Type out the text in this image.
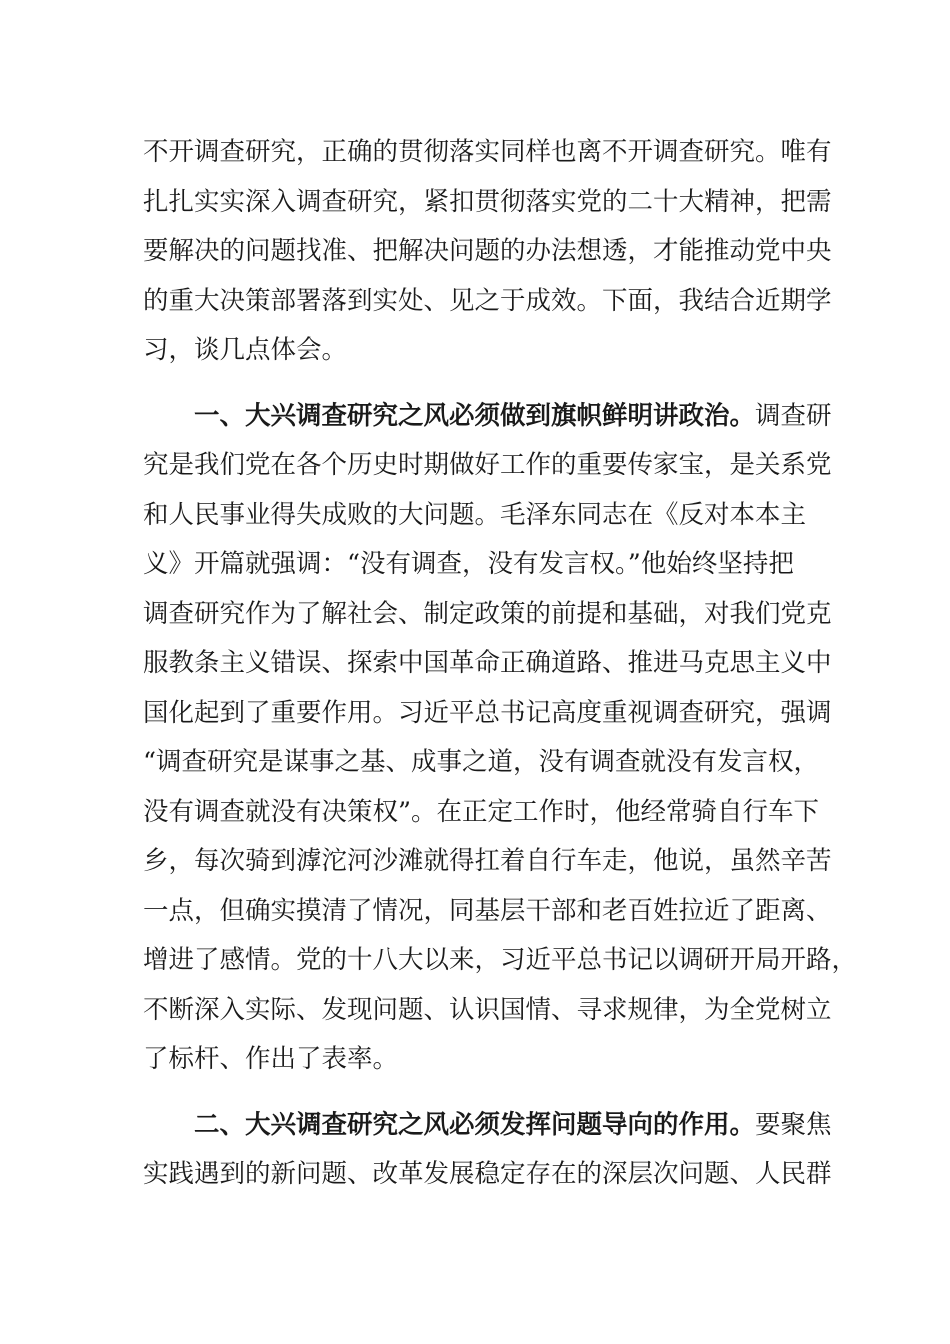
不开调查研究，正确的贯彻落实同样也离不开调查研究。唯有
扎扎实实深入调查研究，紧扣贯彻落实党的二十大精神，把需
要解决的问题找准、把解决问题的办法想透，才能推动党中央
的重大决策部署落到实处、见之于成效。下面，我结合近期学
习，谈几点体会。
一、大兴调查研究之风必须做到旗帜鲜明讲政治。调查研
究是我们党在各个历史时期做好工作的重要传家宝，是关系党
和人民事业得失成败的大问题。毛泽东同志在《反对本本主
义》开篇就强调：“没有调查，没有发言权。”他始终坚持把
调查研究作为了解社会、制定政策的前提和基础，对我们党克
服教条主义错误、探索中国革命正确道路、推进马克思主义中
国化起到了重要作用。习近平总书记高度重视调查研究，强调
“调查研究是谋事之基、成事之道，没有调查就没有发言权，
没有调查就没有决策权”。在正定工作时，他经常骑自行车下
乡，每次骑到滹沱河沙滩就得扛着自行车走，他说，虽然辛苦
一点，但确实摸清了情况，同基层干部和老百姓拉近了距离、
增进了感情。党的十八大以来，习近平总书记以调研开局开路，
不断深入实际、发现问题、认识国情、寻求规律，为全党树立
了标杆、作出了表率。
二、大兴调查研究之风必须发挥问题导向的作用。要聚焦
实践遇到的新问题、改革发展稳定存在的深层次问题、人民群
